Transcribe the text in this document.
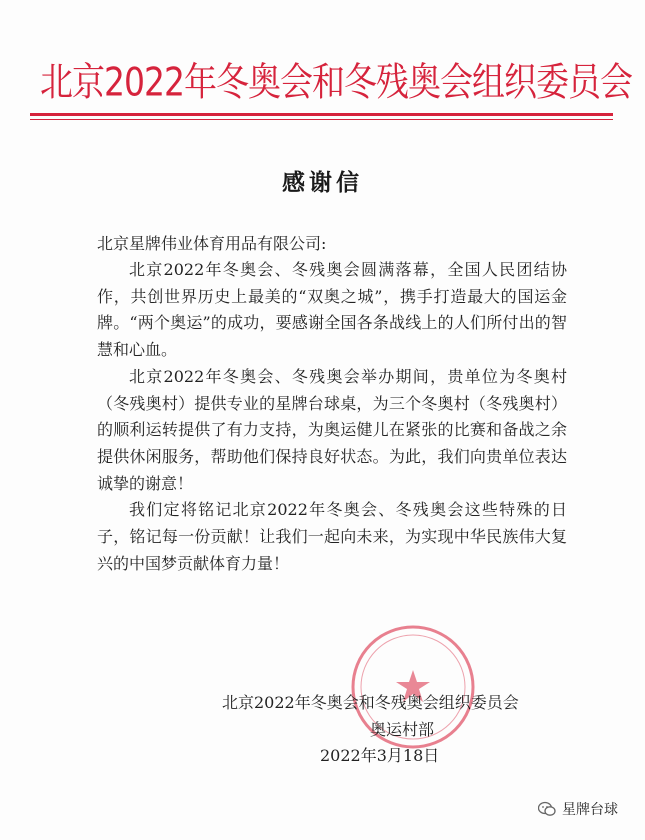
北京2022年冬奥会和冬残奥会组织委员会
感谢信
北京星牌伟业体育用品有限公司:

北京2022年冬奥会、冬残奥会圆满落幕，全国人民团结协作，共创世界历史上最美的“双奥之城”，携手打造最大的国运金牌。“两个奥运”的成功，要感谢全国各条战线上的人们所付出的智慧和心血。

北京2022年冬奥会、冬残奥会举办期间，贵单位为冬奥村（冬残奥村）提供专业的星牌台球桌，为三个冬奥村（冬残奥村）的顺利运转提供了有力支持，为奥运健儿在紧张的比赛和备战之余提供休闲服务，帮助他们保持良好状态。为此，我们向贵单位表达诚挚的谢意！

我们定将铭记北京2022年冬奥会、冬残奥会这些特殊的日子，铭记每一份贡献！让我们一起向未来，为实现中华民族伟大复兴的中国梦贡献体育力量！

北京2022年冬奥会和冬残奥会组织委员会
奥运村部
2022年3月18日
星牌台球
